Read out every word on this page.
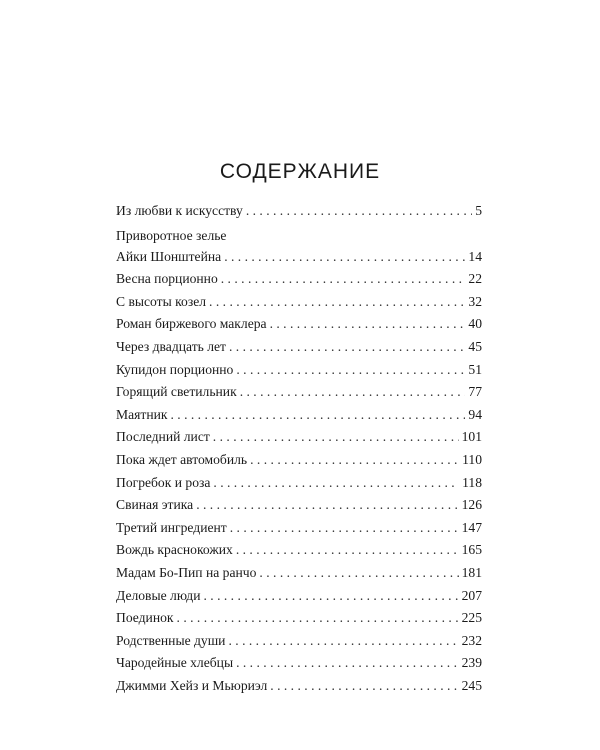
СОДЕРЖАНИЕ
Из любви к искусству . . .	5
Приворотное зелье
Айки Шонштейна . . .	14
Весна порционно . . .	22
С высоты козел . . .	32
Роман биржевого маклера . . .	40
Через двадцать лет . . .	45
Купидон порционно . . .	51
Горящий светильник . . .	77
Маятник . . .	94
Последний лист . . .	101
Пока ждет автомобиль . . .	110
Погребок и роза . . .	118
Свиная этика . . .	126
Третий ингредиент . . .	147
Вождь краснокожих . . .	165
Мадам Бо-Пип на ранчо . . .	181
Деловые люди . . .	207
Поединок . . .	225
Родственные души . . .	232
Чародейные хлебцы . . .	239
Джимми Хейз и Мьюриэл . . .	245
